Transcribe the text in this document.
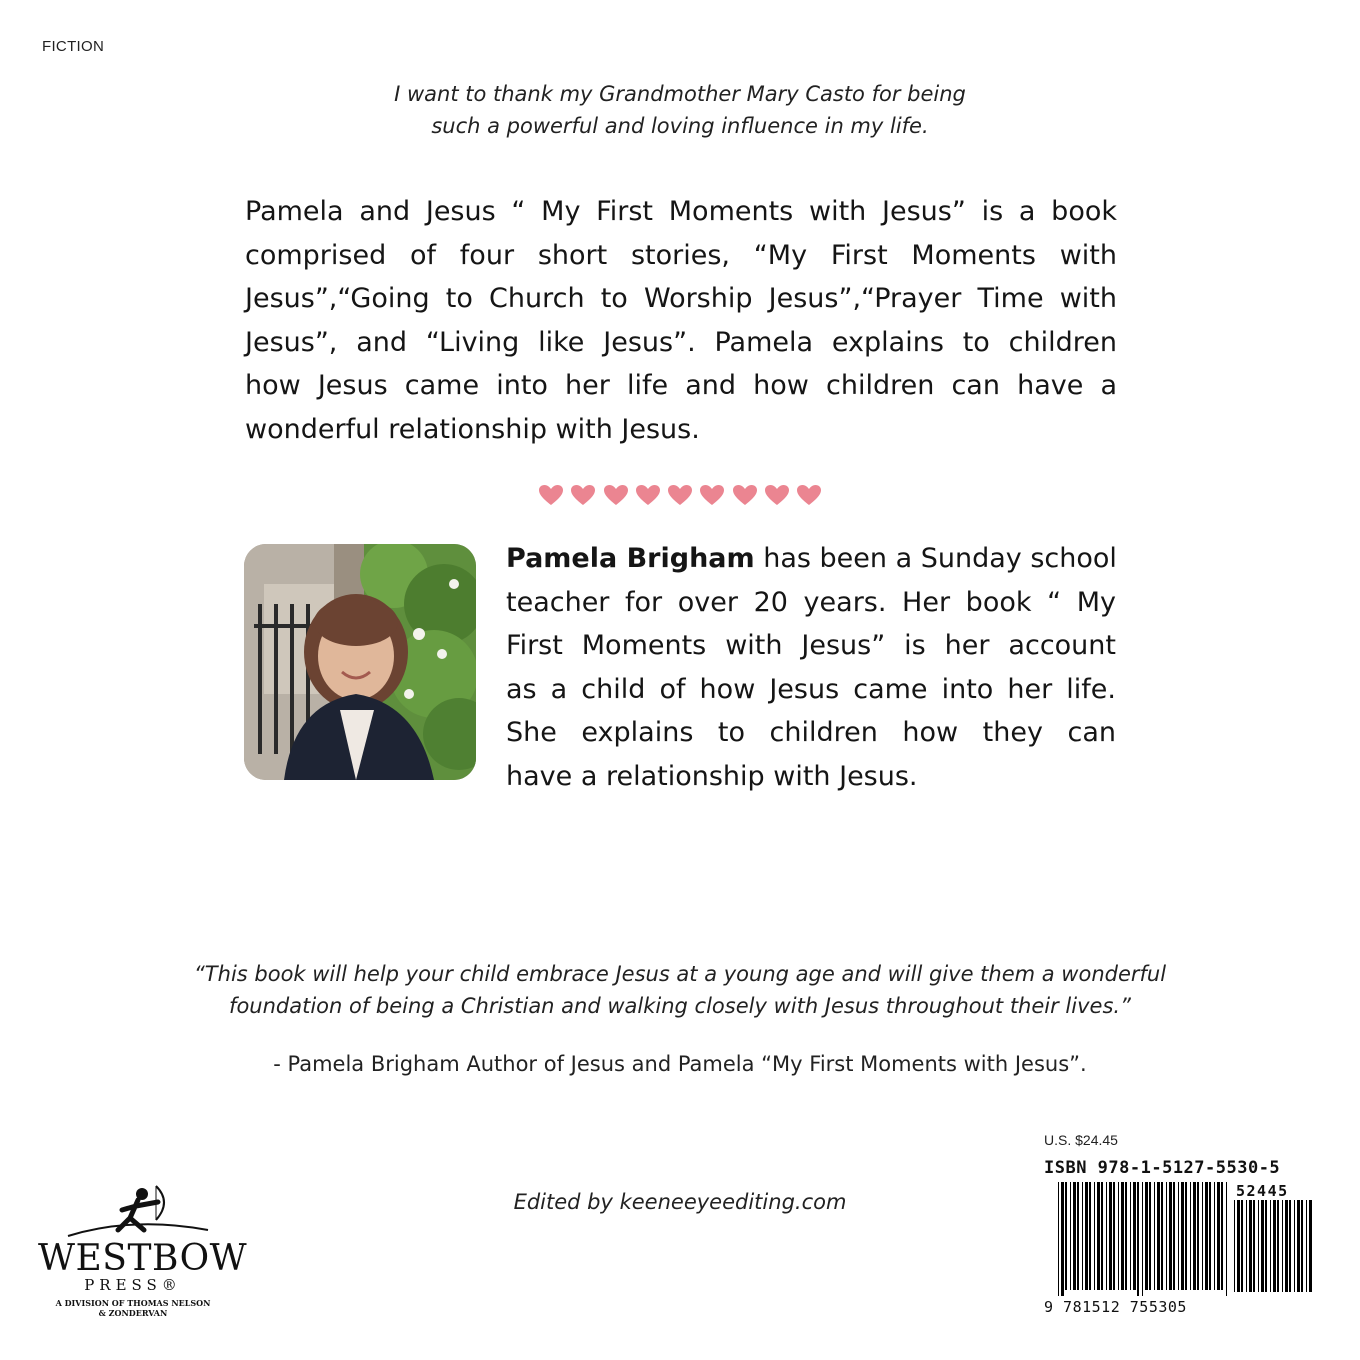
FICTION
I want to thank my Grandmother Mary Casto for being
such a powerful and loving influence in my life.
Pamela and Jesus “ My First Moments with Jesus” is a book
comprised of four short stories, “My First Moments with
Jesus”,“Going to Church to Worship Jesus”,“Prayer Time with
Jesus”, and “Living like Jesus”. Pamela explains to children
how Jesus came into her life and how children can have a
wonderful relationship with Jesus.
Pamela Brigham has been a Sunday school
teacher for over 20 years. Her book “ My
First Moments with Jesus” is her account
as a child of how Jesus came into her life.
She explains to children how they can
have a relationship with Jesus.
“This book will help your child embrace Jesus at a young age and will give them a wonderful
foundation of being a Christian and walking closely with Jesus throughout their lives.”
- Pamela Brigham Author of Jesus and Pamela “My First Moments with Jesus”.
Edited by keeneeyeediting.com
WESTBOW
PRESS®
A DIVISION OF THOMAS NELSON
& ZONDERVAN
U.S. $24.45
ISBN 978-1-5127-5530-5
52445
9 781512 755305
